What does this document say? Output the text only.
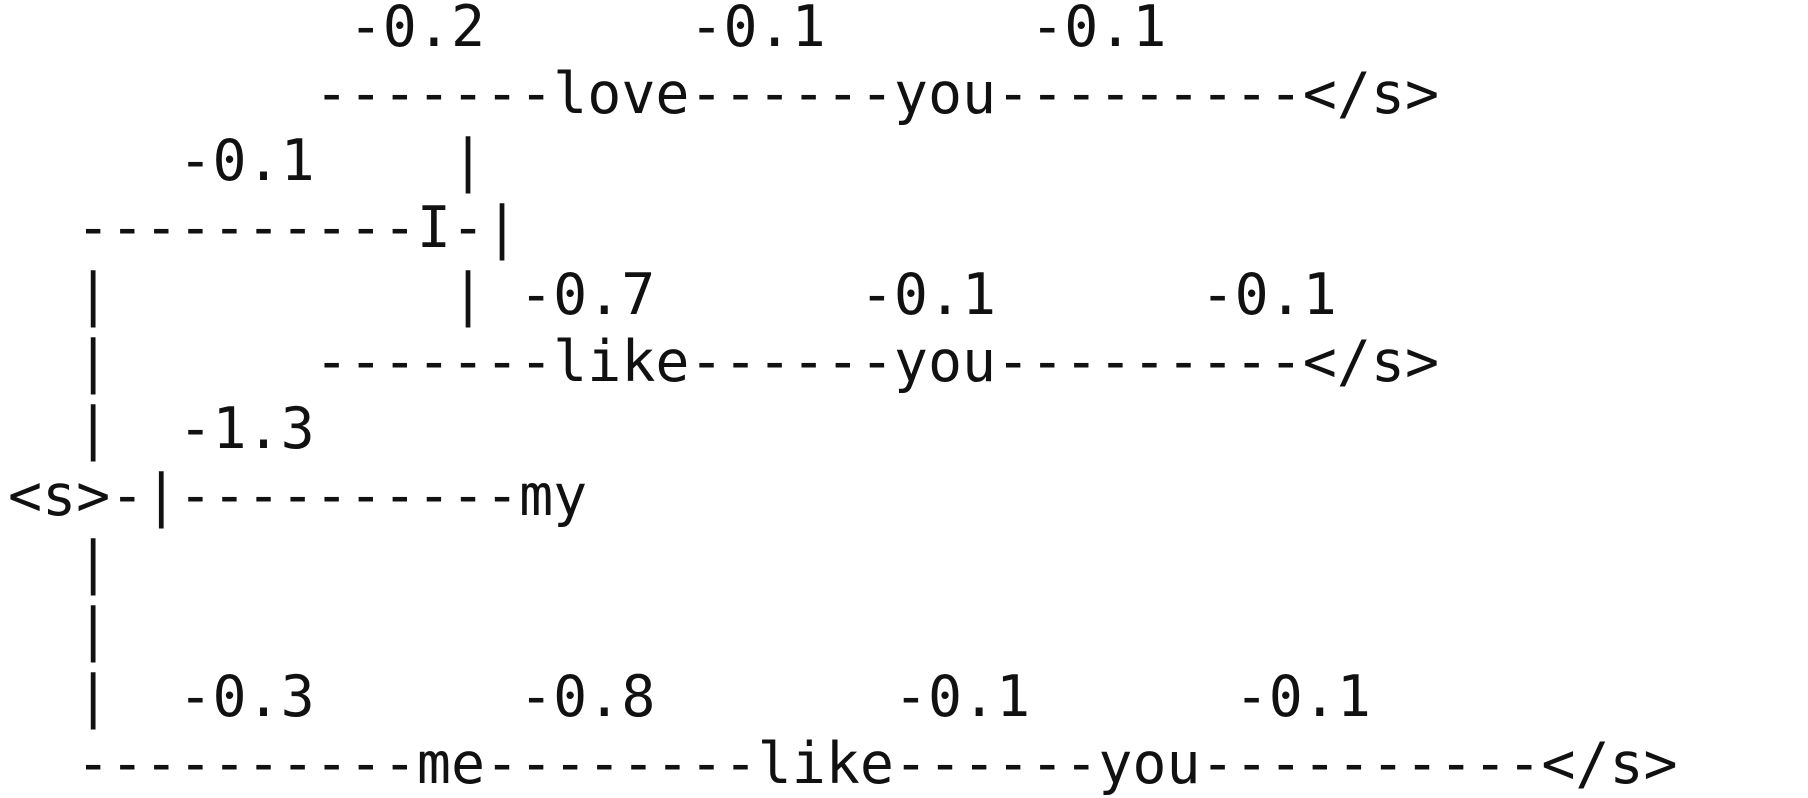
-0.2	-0.1	-0.1
-------love------you---------</s>
-0.1    |
----------I-|
|          | -0.7	-0.1	-0.1
|      -------like------you---------</s>
|  -1.3
<s>-|----------my
|
|
|  -0.3	-0.8	-0.1	-0.1
----------me--------like------you----------</s>
